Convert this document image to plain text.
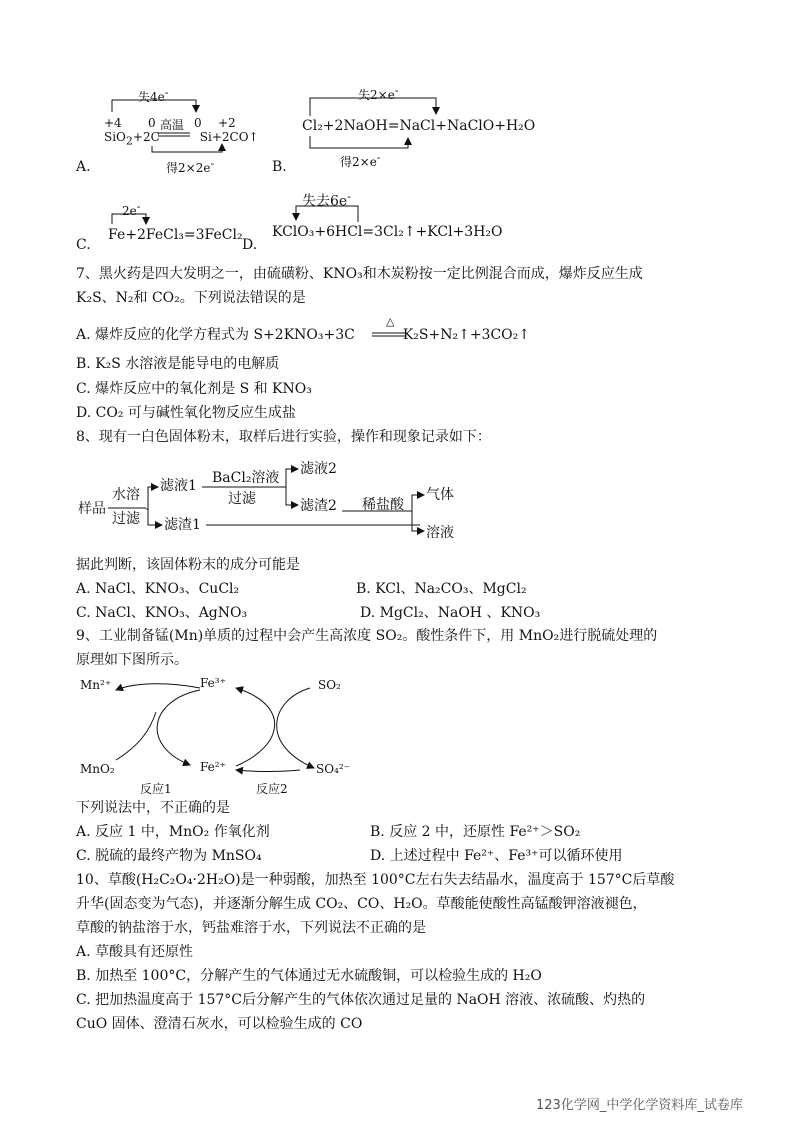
失4e-
+4 0	0 +2
高温
SiO$_2$+2C	Si+2CO↑
得2×2e-
A.
失2×e-
Cl₂+2NaOH=NaCl+NaClO+H₂O
得2×e-
B.
2e-
Fe+2FeCl₃=3FeCl₂
C.
失去6e-
KClO₃+6HCl=3Cl₂↑+KCl+3H₂O
D.
7、黑火药是四大发明之一，由硫磺粉、KNO₃和木炭粉按一定比例混合而成，爆炸反应生成
K₂S、N₂和 CO₂。下列说法错误的是
A. 爆炸反应的化学方程式为 S+2KNO₃+3C	K₂S+N₂↑+3CO₂↑
△
B. K₂S 水溶液是能导电的电解质
C. 爆炸反应中的氧化剂是 S 和 KNO₃
D. CO₂ 可与碱性氧化物反应生成盐
8、现有一白色固体粉末，取样后进行实验，操作和现象记录如下：
样品
水溶
过滤
滤液1
滤渣1
BaCl₂溶液
过滤
滤液2
滤渣2 稀盐酸
气体
溶液
据此判断，该固体粉末的成分可能是
A. NaCl、KNO₃、CuCl₂	B. KCl、Na₂CO₃、MgCl₂
C. NaCl、KNO₃、AgNO₃	D. MgCl₂、NaOH 、KNO₃
9、工业制备锰(Mn)单质的过程中会产生高浓度 SO₂。酸性条件下，用 MnO₂进行脱硫处理的
原理如下图所示。
Mn²⁺	Fe³⁺	SO₂
MnO₂	Fe²⁺	SO₄²⁻
反应1	反应2
下列说法中，不正确的是
A. 反应 1 中，MnO₂ 作氧化剂	B. 反应 2 中，还原性 Fe²⁺＞SO₂
C. 脱硫的最终产物为 MnSO₄	D. 上述过程中 Fe²⁺、Fe³⁺可以循环使用
10、草酸(H₂C₂O₄·2H₂O)是一种弱酸，加热至 100°C左右失去结晶水，温度高于 157°C后草酸
升华(固态变为气态)，并逐渐分解生成 CO₂、CO、H₂O。草酸能使酸性高锰酸钾溶液褪色，
草酸的钠盐溶于水，钙盐难溶于水，下列说法不正确的是
A. 草酸具有还原性
B. 加热至 100°C，分解产生的气体通过无水硫酸铜，可以检验生成的 H₂O
C. 把加热温度高于 157°C后分解产生的气体依次通过足量的 NaOH 溶液、浓硫酸、灼热的
CuO 固体、澄清石灰水，可以检验生成的 CO
123化学网_中学化学资料库_试卷库
